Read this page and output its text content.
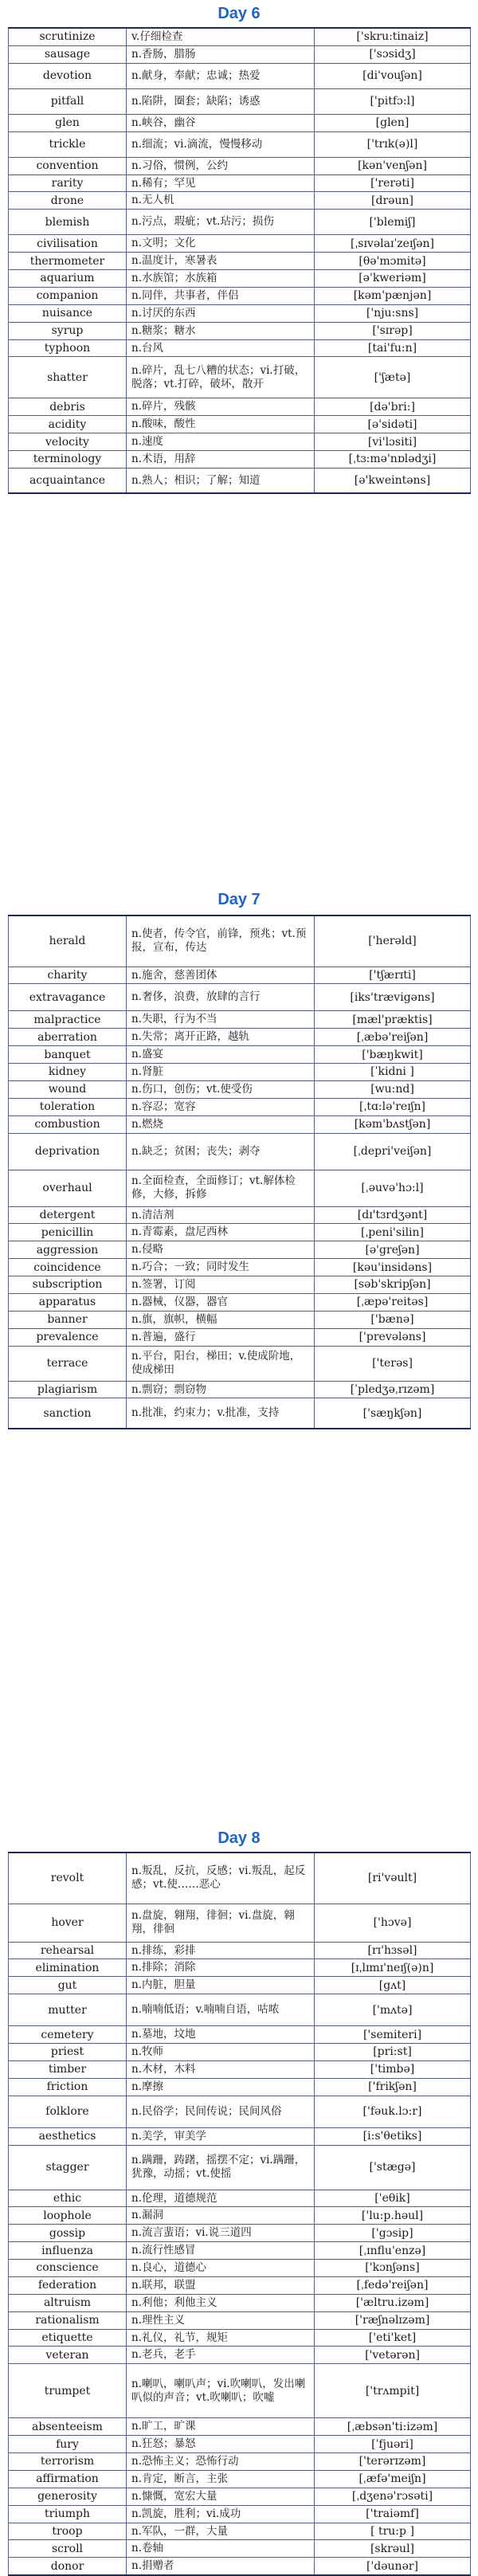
Day 6
scrutinize	v.仔细检查	['skru:tinaiz]
sausage	n.香肠，腊肠	['sɔsidʒ]
devotion	n.献身，奉献；忠诚；热爱	[di'vouʃən]
pitfall	n.陷阱，圈套；缺陷；诱惑	['pitfɔ:l]
glen	n.峡谷，幽谷	[glen]
trickle	n.细流；vi.滴流，慢慢移动	['trɪk(ə)l]
convention	n.习俗，惯例，公约	[kən'venʃən]
rarity	n.稀有；罕见	['rerəti]
drone	n.无人机	[drəun]
blemish	n.污点，瑕疵；vt.玷污；损伤	['blemiʃ]
civilisation	n.文明；文化	[ˌsɪvəlaɪˈzeɪʃən]
thermometer	n.温度计，寒暑表	[θə'mɔmitə]
aquarium	n.水族馆；水族箱	[ə'kweriəm]
companion	n.同伴，共事者，伴侣	[kəm'pænjən]
nuisance	n.讨厌的东西	['nju:sns]
syrup	n.糖浆；糖水	['sɪrəp]
typhoon	n.台风	[tai'fu:n]
shatter	n.碎片，乱七八糟的状态；vi.打破，脱落；vt.打碎，破坏，散开	['ʃætə]
debris	n.碎片，残骸	[də'bri:]
acidity	n.酸味，酸性	[ə'sidəti]
velocity	n.速度	[vi'lɔsiti]
terminology	n.术语，用辞	[ˌtɜ:mə'nɒlədʒi]
acquaintance	n.熟人；相识；了解；知道	[ə'kweintəns]
Day 7
herald	n.使者，传令官，前锋，预兆；vt.预报，宣布，传达	['herəld]
charity	n.施舍，慈善团体	['tʃærɪti]
extravagance	n.奢侈，浪费，放肆的言行	[iks'trævigəns]
malpractice	n.失职，行为不当	[mæl'præktis]
aberration	n.失常；离开正路，越轨	[ˌæbə'reiʃən]
banquet	n.盛宴	['bæŋkwit]
kidney	n.肾脏	[ˈkidni ]
wound	n.伤口，创伤；vt.使受伤	[wu:nd]
toleration	n.容忍；宽容	[ˌtɑ:lə'reɪʃn]
combustion	n.燃烧	[kəm'bʌstʃən]
deprivation	n.缺乏；贫困；丧失；剥夺	[ˌdepri'veiʃən]
overhaul	n.全面检查，全面修订；vt.解体检修，大修，拆修	[ˌəuvə'hɔ:l]
detergent	n.清洁剂	[dɪ'tɜrdʒənt]
penicillin	n.青霉素，盘尼西林	[ˌpeni'silin]
aggression	n.侵略	[ə'greʃən]
coincidence	n.巧合；一致；同时发生	[kəu'insidəns]
subscription	n.签署，订阅	[səb'skripʃən]
apparatus	n.器械，仪器，器官	[ˌæpə'reitəs]
banner	n.旗，旗帜，横幅	['bænə]
prevalence	n.普遍，盛行	['prevələns]
terrace	n.平台，阳台，梯田；v.使成阶地，使成梯田	['terəs]
plagiarism	n.剽窃；剽窃物	[ˈpledʒəˌrɪzəm]
sanction	n.批准，约束力；v.批准，支持	['sæŋkʃən]
Day 8
revolt	n.叛乱，反抗，反感；vi.叛乱，起反感；vt.使……恶心	[ri'vəult]
hover	n.盘旋，翱翔，徘徊；vi.盘旋，翱翔，徘徊	['hɔvə]
rehearsal	n.排练，彩排	[rɪ'hɜsəl]
elimination	n.排除；消除	[ɪˌlɪmɪ'neɪʃ(ə)n]
gut	n.内脏，胆量	[gʌt]
mutter	n.喃喃低语；v.喃喃自语，咕哝	['mʌtə]
cemetery	n.墓地，坟地	['semiteri]
priest	n.牧师	[pri:st]
timber	n.木材，木料	['timbə]
friction	n.摩擦	['frikʃən]
folklore	n.民俗学；民间传说；民间风俗	['fəuk.lɔ:r]
aesthetics	n.美学，审美学	[i:s'θetiks]
stagger	n.蹒跚，踌躇，摇摆不定；vi.蹒跚，犹豫，动摇；vt.使摇	['stægə]
ethic	n.伦理，道德规范	['eθik]
loophole	n.漏洞	['lu:p.həul]
gossip	n.流言蜚语；vi.说三道四	['gɔsip]
influenza	n.流行性感冒	[ˌɪnflu'enzə]
conscience	n.良心，道德心	['kɔnʃəns]
federation	n.联邦，联盟	[ˌfedə'reiʃən]
altruism	n.利他；利他主义	['æltru.izəm]
rationalism	n.理性主义	['ræʃnəlɪzəm]
etiquette	n.礼仪，礼节，规矩	['eti'ket]
veteran	n.老兵，老手	['vetərən]
trumpet	n.喇叭，喇叭声；vi.吹喇叭，发出喇叭似的声音；vt.吹喇叭；吹嘘	['trʌmpit]
absenteeism	n.旷工，旷课	[ˌæbsən'ti:izəm]
fury	n.狂怒；暴怒	[ˈfjuəri]
terrorism	n.恐怖主义；恐怖行动	['terərɪzəm]
affirmation	n.肯定，断言，主张	[ˌæfə'meiʃn]
generosity	n.慷慨，宽宏大量	[ˌdʒenə'rɔsəti]
triumph	n.凯旋，胜利；vi.成功	['traiəmf]
troop	n.军队，一群，大量	[ tru:p ]
scroll	n.卷轴	[skrəul]
donor	n.捐赠者	['dəunər]
